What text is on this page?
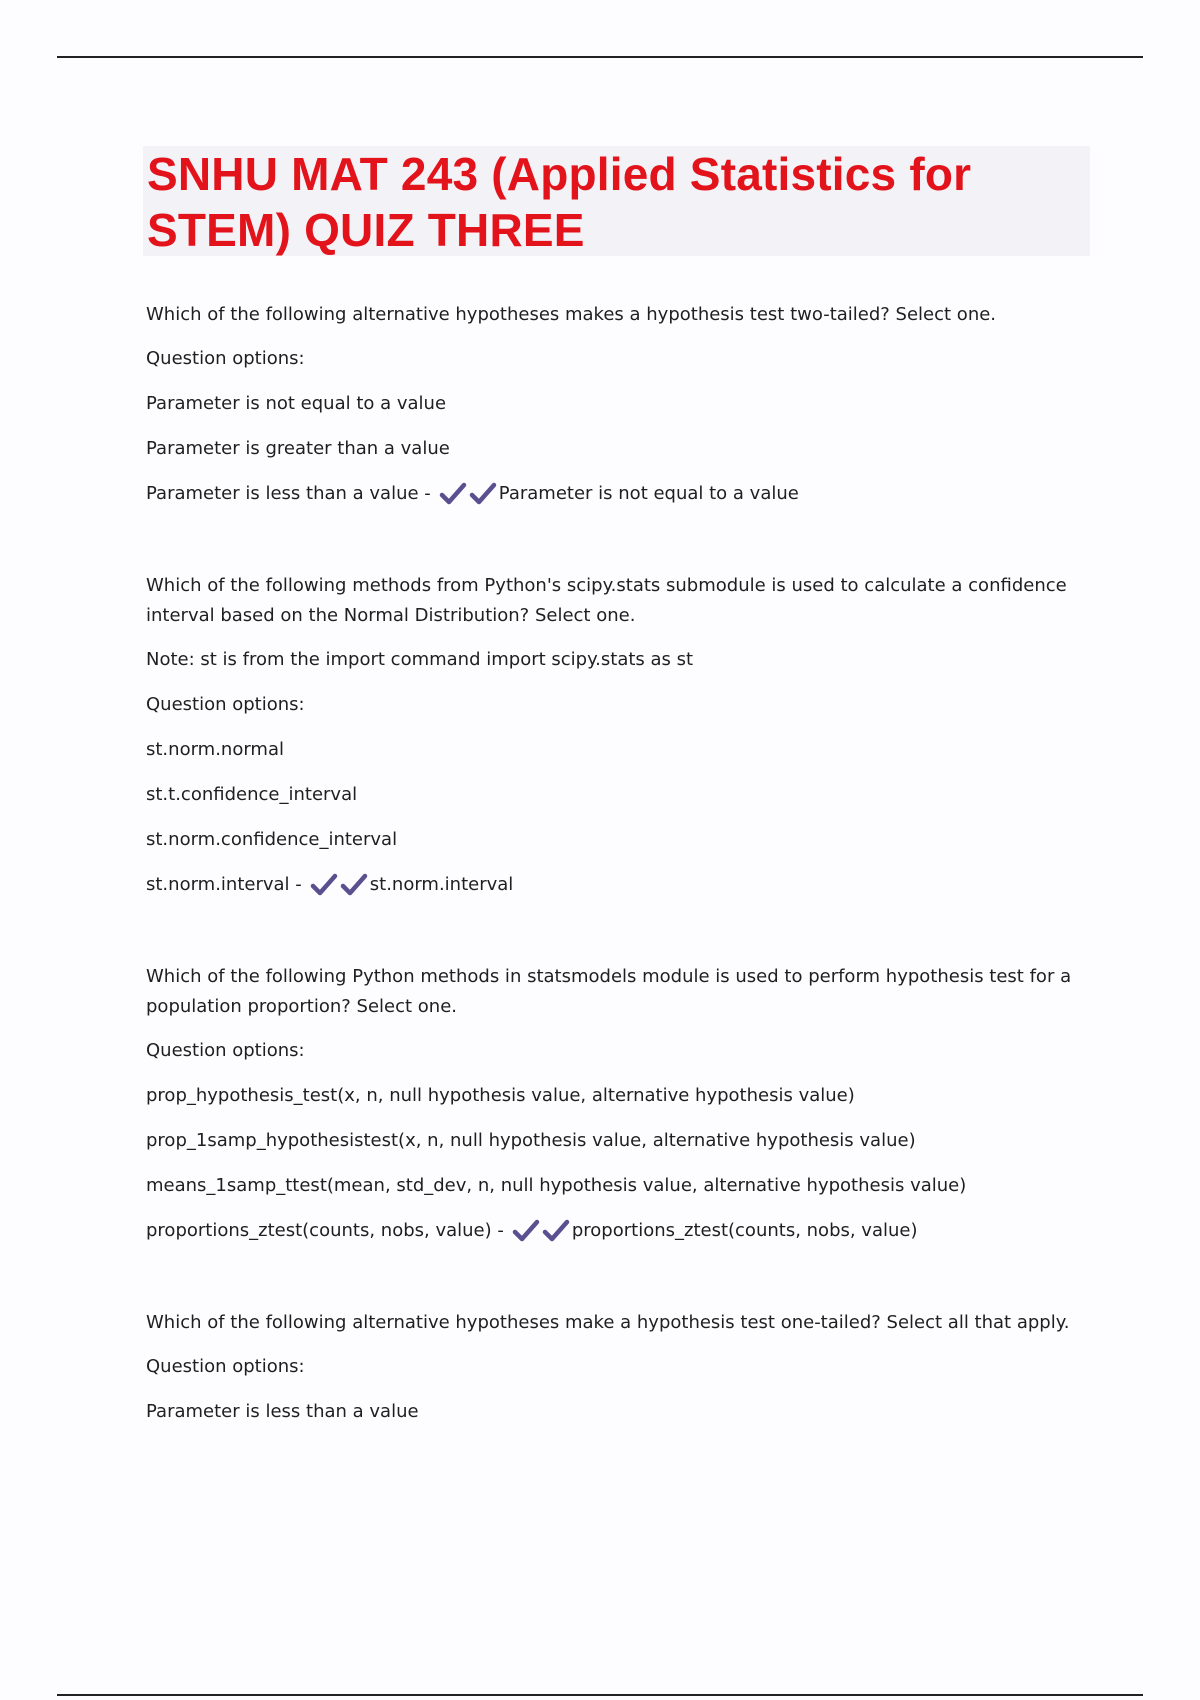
SNHU MAT 243 (Applied Statistics for STEM) QUIZ THREE

Which of the following alternative hypotheses makes a hypothesis test two-tailed? Select one.

Question options:

Parameter is not equal to a value

Parameter is greater than a value

Parameter is less than a value -	Parameter is not equal to a value

Which of the following methods from Python's scipy.stats submodule is used to calculate a confidence interval based on the Normal Distribution? Select one.

Note: st is from the import command import scipy.stats as st

Question options:

st.norm.normal

st.t.confidence_interval

st.norm.confidence_interval

st.norm.interval -	st.norm.interval

Which of the following Python methods in statsmodels module is used to perform hypothesis test for a population proportion? Select one.

Question options:

prop_hypothesis_test(x, n, null hypothesis value, alternative hypothesis value)

prop_1samp_hypothesistest(x, n, null hypothesis value, alternative hypothesis value)

means_1samp_ttest(mean, std_dev, n, null hypothesis value, alternative hypothesis value)

proportions_ztest(counts, nobs, value) -	proportions_ztest(counts, nobs, value)

Which of the following alternative hypotheses make a hypothesis test one-tailed? Select all that apply.

Question options:

Parameter is less than a value
